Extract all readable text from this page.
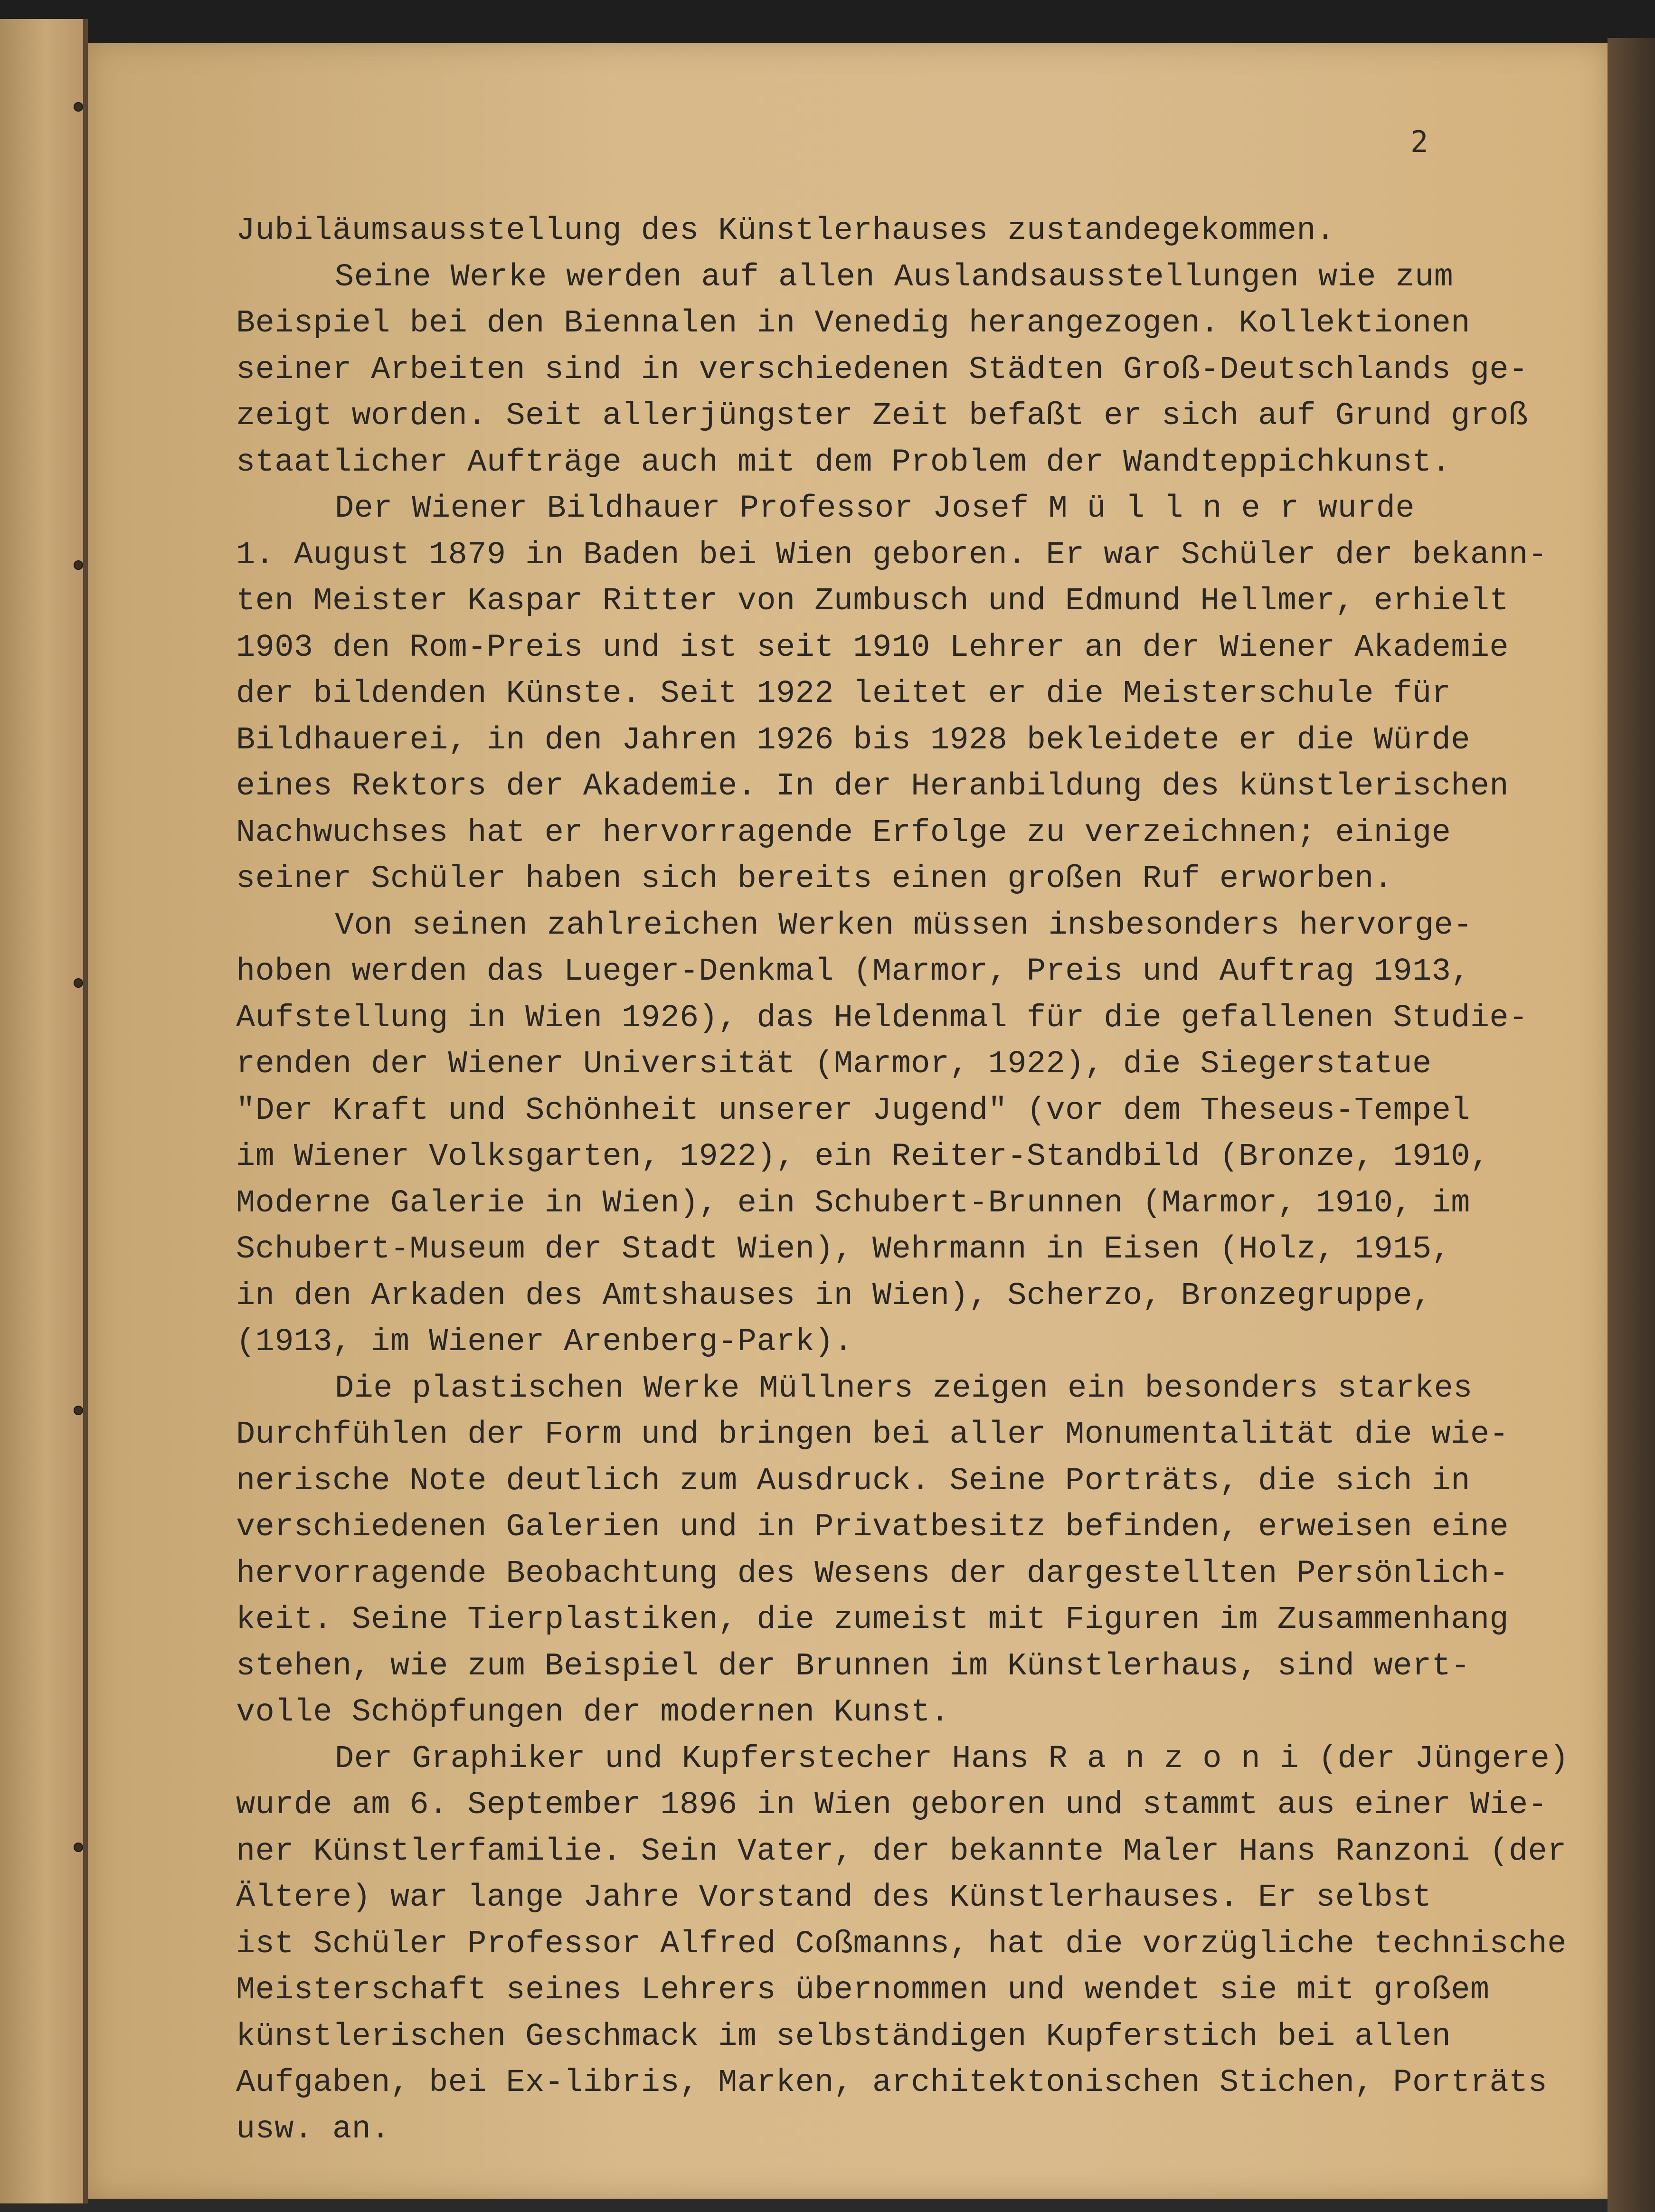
2
Jubiläumsausstellung des Künstlerhauses zustandegekommen.
Seine Werke werden auf allen Auslandsausstellungen wie zum
Beispiel bei den Biennalen in Venedig herangezogen. Kollektionen
seiner Arbeiten sind in verschiedenen Städten Groß-Deutschlands ge-
zeigt worden. Seit allerjüngster Zeit befaßt er sich auf Grund groß
staatlicher Aufträge auch mit dem Problem der Wandteppichkunst.
Der Wiener Bildhauer Professor Josef M ü l l n e r wurde
1. August 1879 in Baden bei Wien geboren. Er war Schüler der bekann-
ten Meister Kaspar Ritter von Zumbusch und Edmund Hellmer, erhielt
1903 den Rom-Preis und ist seit 1910 Lehrer an der Wiener Akademie
der bildenden Künste. Seit 1922 leitet er die Meisterschule für
Bildhauerei, in den Jahren 1926 bis 1928 bekleidete er die Würde
eines Rektors der Akademie. In der Heranbildung des künstlerischen
Nachwuchses hat er hervorragende Erfolge zu verzeichnen; einige
seiner Schüler haben sich bereits einen großen Ruf erworben.
Von seinen zahlreichen Werken müssen insbesonders hervorge-
hoben werden das Lueger-Denkmal (Marmor, Preis und Auftrag 1913,
Aufstellung in Wien 1926), das Heldenmal für die gefallenen Studie-
renden der Wiener Universität (Marmor, 1922), die Siegerstatue
"Der Kraft und Schönheit unserer Jugend" (vor dem Theseus-Tempel
im Wiener Volksgarten, 1922), ein Reiter-Standbild (Bronze, 1910,
Moderne Galerie in Wien), ein Schubert-Brunnen (Marmor, 1910, im
Schubert-Museum der Stadt Wien), Wehrmann in Eisen (Holz, 1915,
in den Arkaden des Amtshauses in Wien), Scherzo, Bronzegruppe,
(1913, im Wiener Arenberg-Park).
Die plastischen Werke Müllners zeigen ein besonders starkes
Durchfühlen der Form und bringen bei aller Monumentalität die wie-
nerische Note deutlich zum Ausdruck. Seine Porträts, die sich in
verschiedenen Galerien und in Privatbesitz befinden, erweisen eine
hervorragende Beobachtung des Wesens der dargestellten Persönlich-
keit. Seine Tierplastiken, die zumeist mit Figuren im Zusammenhang
stehen, wie zum Beispiel der Brunnen im Künstlerhaus, sind wert-
volle Schöpfungen der modernen Kunst.
Der Graphiker und Kupferstecher Hans R a n z o n i (der Jüngere)
wurde am 6. September 1896 in Wien geboren und stammt aus einer Wie-
ner Künstlerfamilie. Sein Vater, der bekannte Maler Hans Ranzoni (der
Ältere) war lange Jahre Vorstand des Künstlerhauses. Er selbst
ist Schüler Professor Alfred Coßmanns, hat die vorzügliche technische
Meisterschaft seines Lehrers übernommen und wendet sie mit großem
künstlerischen Geschmack im selbständigen Kupferstich bei allen
Aufgaben, bei Ex-libris, Marken, architektonischen Stichen, Porträts
usw. an.
